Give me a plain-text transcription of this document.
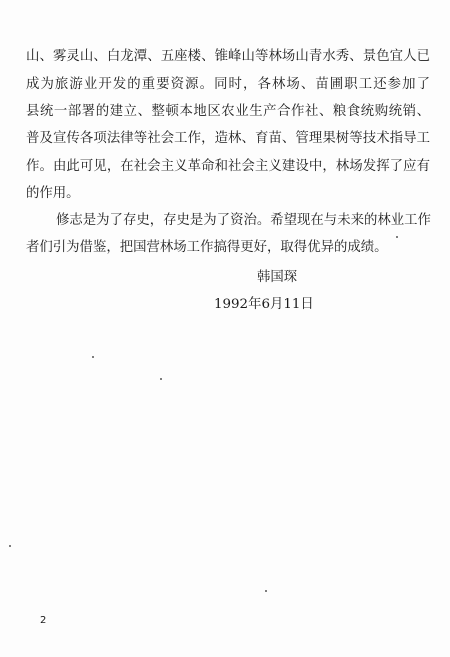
山、雾灵山、白龙潭、五座楼、锥峰山等林场山青水秀、景色宜人已
成为旅游业开发的重要资源。同时，各林场、苗圃职工还参加了
县统一部署的建立、整顿本地区农业生产合作社、粮食统购统销、
普及宣传各项法律等社会工作，造林、育苗、管理果树等技术指导工
作。由此可见，在社会主义革命和社会主义建设中，林场发挥了应有
的作用。
修志是为了存史，存史是为了资治。希望现在与未来的林业工作
者们引为借鉴，把国营林场工作搞得更好，取得优异的成绩。
韩国琛
1992年6月11日
2
